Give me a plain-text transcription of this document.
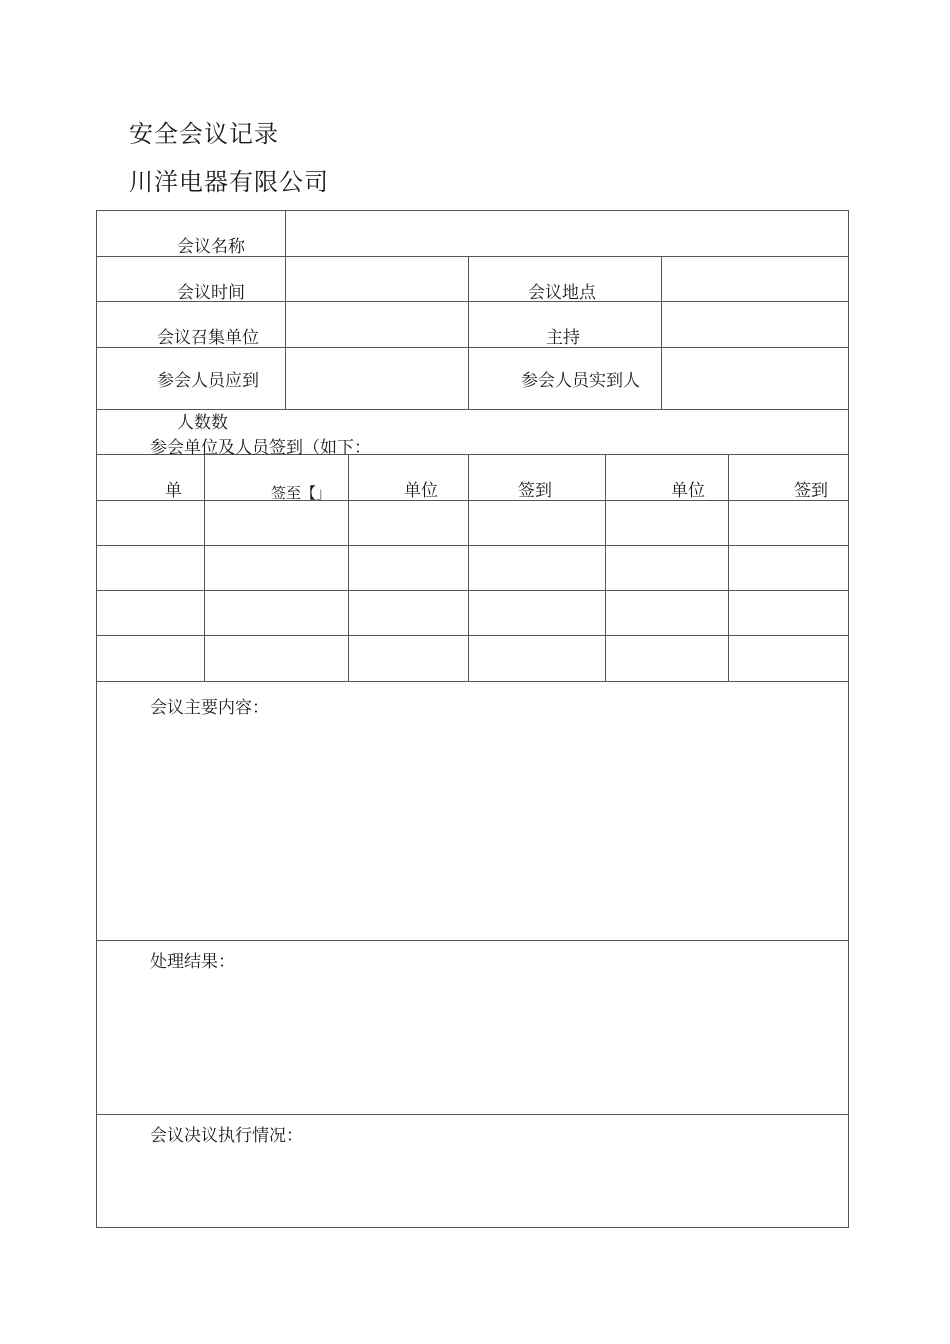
安全会议记录
川洋电器有限公司
会议名称
会议时间	会议地点
会议召集单位	主持
参会人员应到	参会人员实到人
人数数
参会单位及人员签到（如下：
单	签至【」	单位	签到	单位	签到
会议主要内容：
处理结果：
会议决议执行情况：
